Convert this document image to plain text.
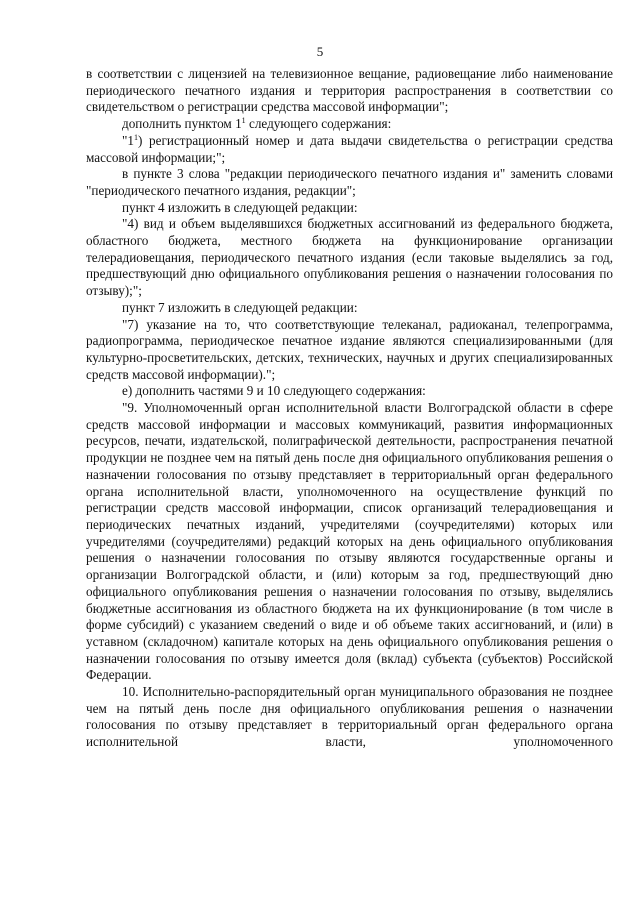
5

в соответствии с лицензией на телевизионное вещание, радиовещание либо наименование периодического печатного издания и территория распространения в соответствии со свидетельством о регистрации средства массовой информации";

дополнить пунктом $1^1$ следующего содержания:

"$1^1$) регистрационный номер и дата выдачи свидетельства о регистрации средства массовой информации;";

в пункте 3 слова "редакции периодического печатного издания и" заменить словами "периодического печатного издания, редакции";

пункт 4 изложить в следующей редакции:

"4) вид и объем выделявшихся бюджетных ассигнований из федерального бюджета, областного бюджета, местного бюджета на функционирование организации телерадиовещания, периодического печатного издания (если таковые выделялись за год, предшествующий дню официального опубликования решения о назначении голосования по отзыву);";

пункт 7 изложить в следующей редакции:

"7) указание на то, что соответствующие телеканал, радиоканал, телепрограмма, радиопрограмма, периодическое печатное издание являются специализированными (для культурно-просветительских, детских, технических, научных и других специализированных средств массовой информации).";

е) дополнить частями 9 и 10 следующего содержания:

"9. Уполномоченный орган исполнительной власти Волгоградской области в сфере средств массовой информации и массовых коммуникаций, развития информационных ресурсов, печати, издательской, полиграфической деятельности, распространения печатной продукции не позднее чем на пятый день после дня официального опубликования решения о назначении голосования по отзыву представляет в территориальный орган федерального органа исполнительной власти, уполномоченного на осуществление функций по регистрации средств массовой информации, список организаций телерадиовещания и периодических печатных изданий, учредителями (соучредителями) которых или учредителями (соучредителями) редакций которых на день официального опубликования решения о назначении голосования по отзыву являются государственные органы и организации Волгоградской области, и (или) которым за год, предшествующий дню официального опубликования решения о назначении голосования по отзыву, выделялись бюджетные ассигнования из областного бюджета на их функционирование (в том числе в форме субсидий) с указанием сведений о виде и об объеме таких ассигнований, и (или) в уставном (складочном) капитале которых на день официального опубликования решения о назначении голосования по отзыву имеется доля (вклад) субъекта (субъектов) Российской Федерации.

10. Исполнительно-распорядительный орган муниципального образования не позднее чем на пятый день после дня официального опубликования решения о назначении голосования по отзыву представляет в территориальный орган федерального органа исполнительной власти, уполномоченного
